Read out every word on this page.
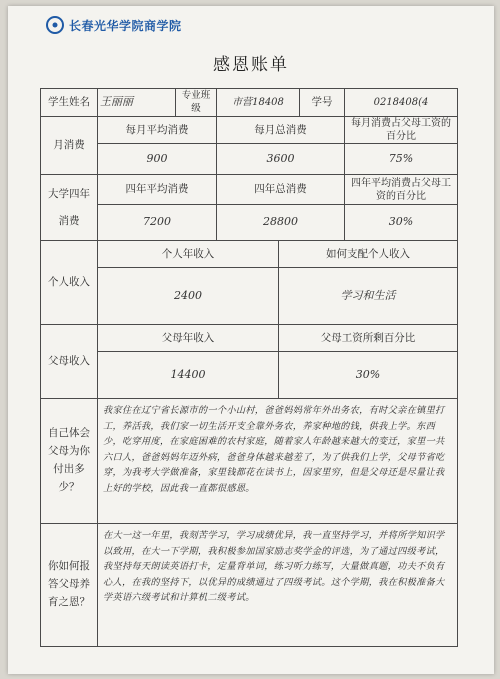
长春光华学院商学院
感恩账单
学生姓名	王丽丽	专业班级	市营18408		学号	0218408(4
月消费	每月平均消费		每月总消费			每月消费占父母工资的百分比
	900		3600			75%

大学四年
消费	四年平均消费		四年总消费			四年平均消费占父母工资的百分比
	7200		28800			30%
个人收入	个人年收入			如何支配个人收入		
	2400			学习和生活		
父母收入	父母年收入			父母工资所剩百分比		
	14400			30%		
自己体会父母为你付出多少？	我家住在辽宁省长源市的一个小山村，爸爸妈妈常年外出务农，有时父亲在镇里打工，养活我，我们家一切生活开支全靠外务农，养家种地的钱，供我上学。东西少，吃穿用度，在家庭困难的农村家庭，随着家人年龄越来越大的变迁，家里一共六口人，爸爸妈妈年迈外病，爸爸身体越来越差了，为了供我们上学，父母节省吃穿，为我考大学做准备，家里钱都花在读书上，因家里穷，但是父母还是尽量让我上好的学校，因此我一直都很感恩。					
你如何报答父母养育之恩？	在大一这一年里，我刻苦学习，学习成绩优异，我一直坚持学习，并将所学知识学以致用，在大一下学期，我积极参加国家励志奖学金的评选，为了通过四级考试，我坚持每天朗读英语打卡，定量背单词，练习听力练写，大量做真题，功夫不负有心人，在我的坚持下，以优异的成绩通过了四级考试。这个学期，我在积极准备大学英语六级考试和计算机二级考试。					
